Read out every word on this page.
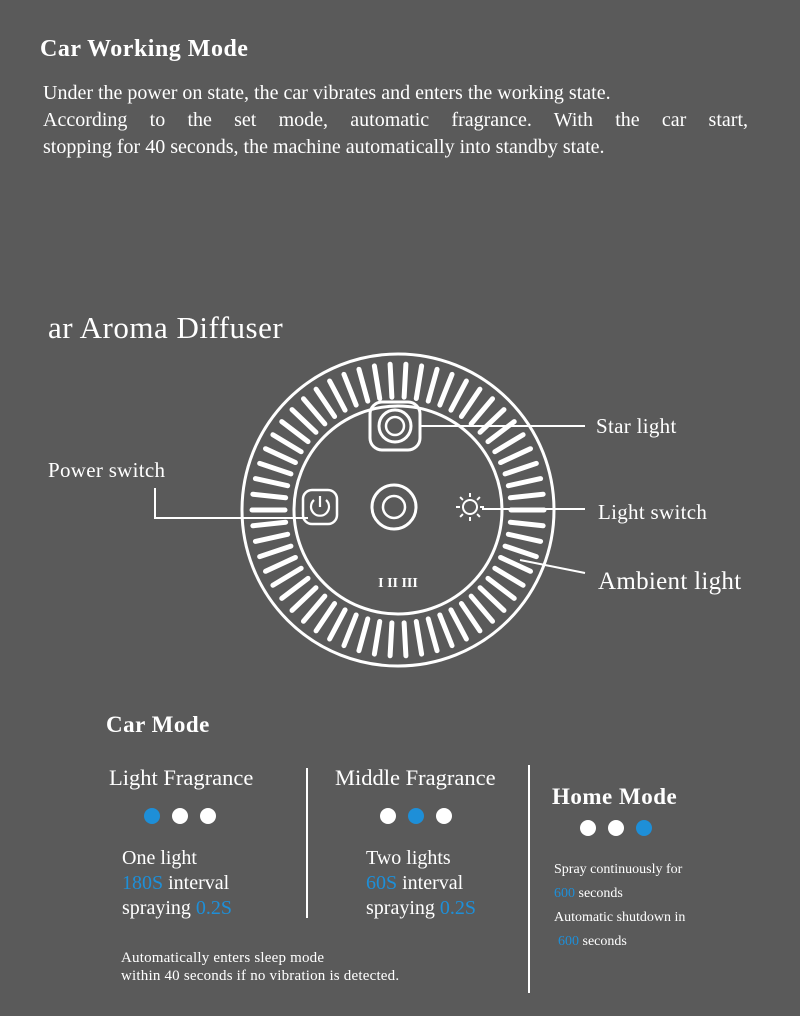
Car Working Mode
Under the power on state, the car vibrates and enters the working state.
According to the set mode, automatic fragrance. With the car start,
stopping for 40 seconds, the machine automatically into standby state.
ar Aroma Diffuser
I II III
Star light
Power switch
Light switch
Ambient light
Car Mode
Light Fragrance
One light
180S interval
spraying 0.2S
Middle Fragrance
Two lights
60S interval
spraying 0.2S
Automatically enters sleep mode
within 40 seconds if no vibration is detected.
Home Mode
Spray continuously for
600 seconds
Automatic shutdown in
600 seconds
